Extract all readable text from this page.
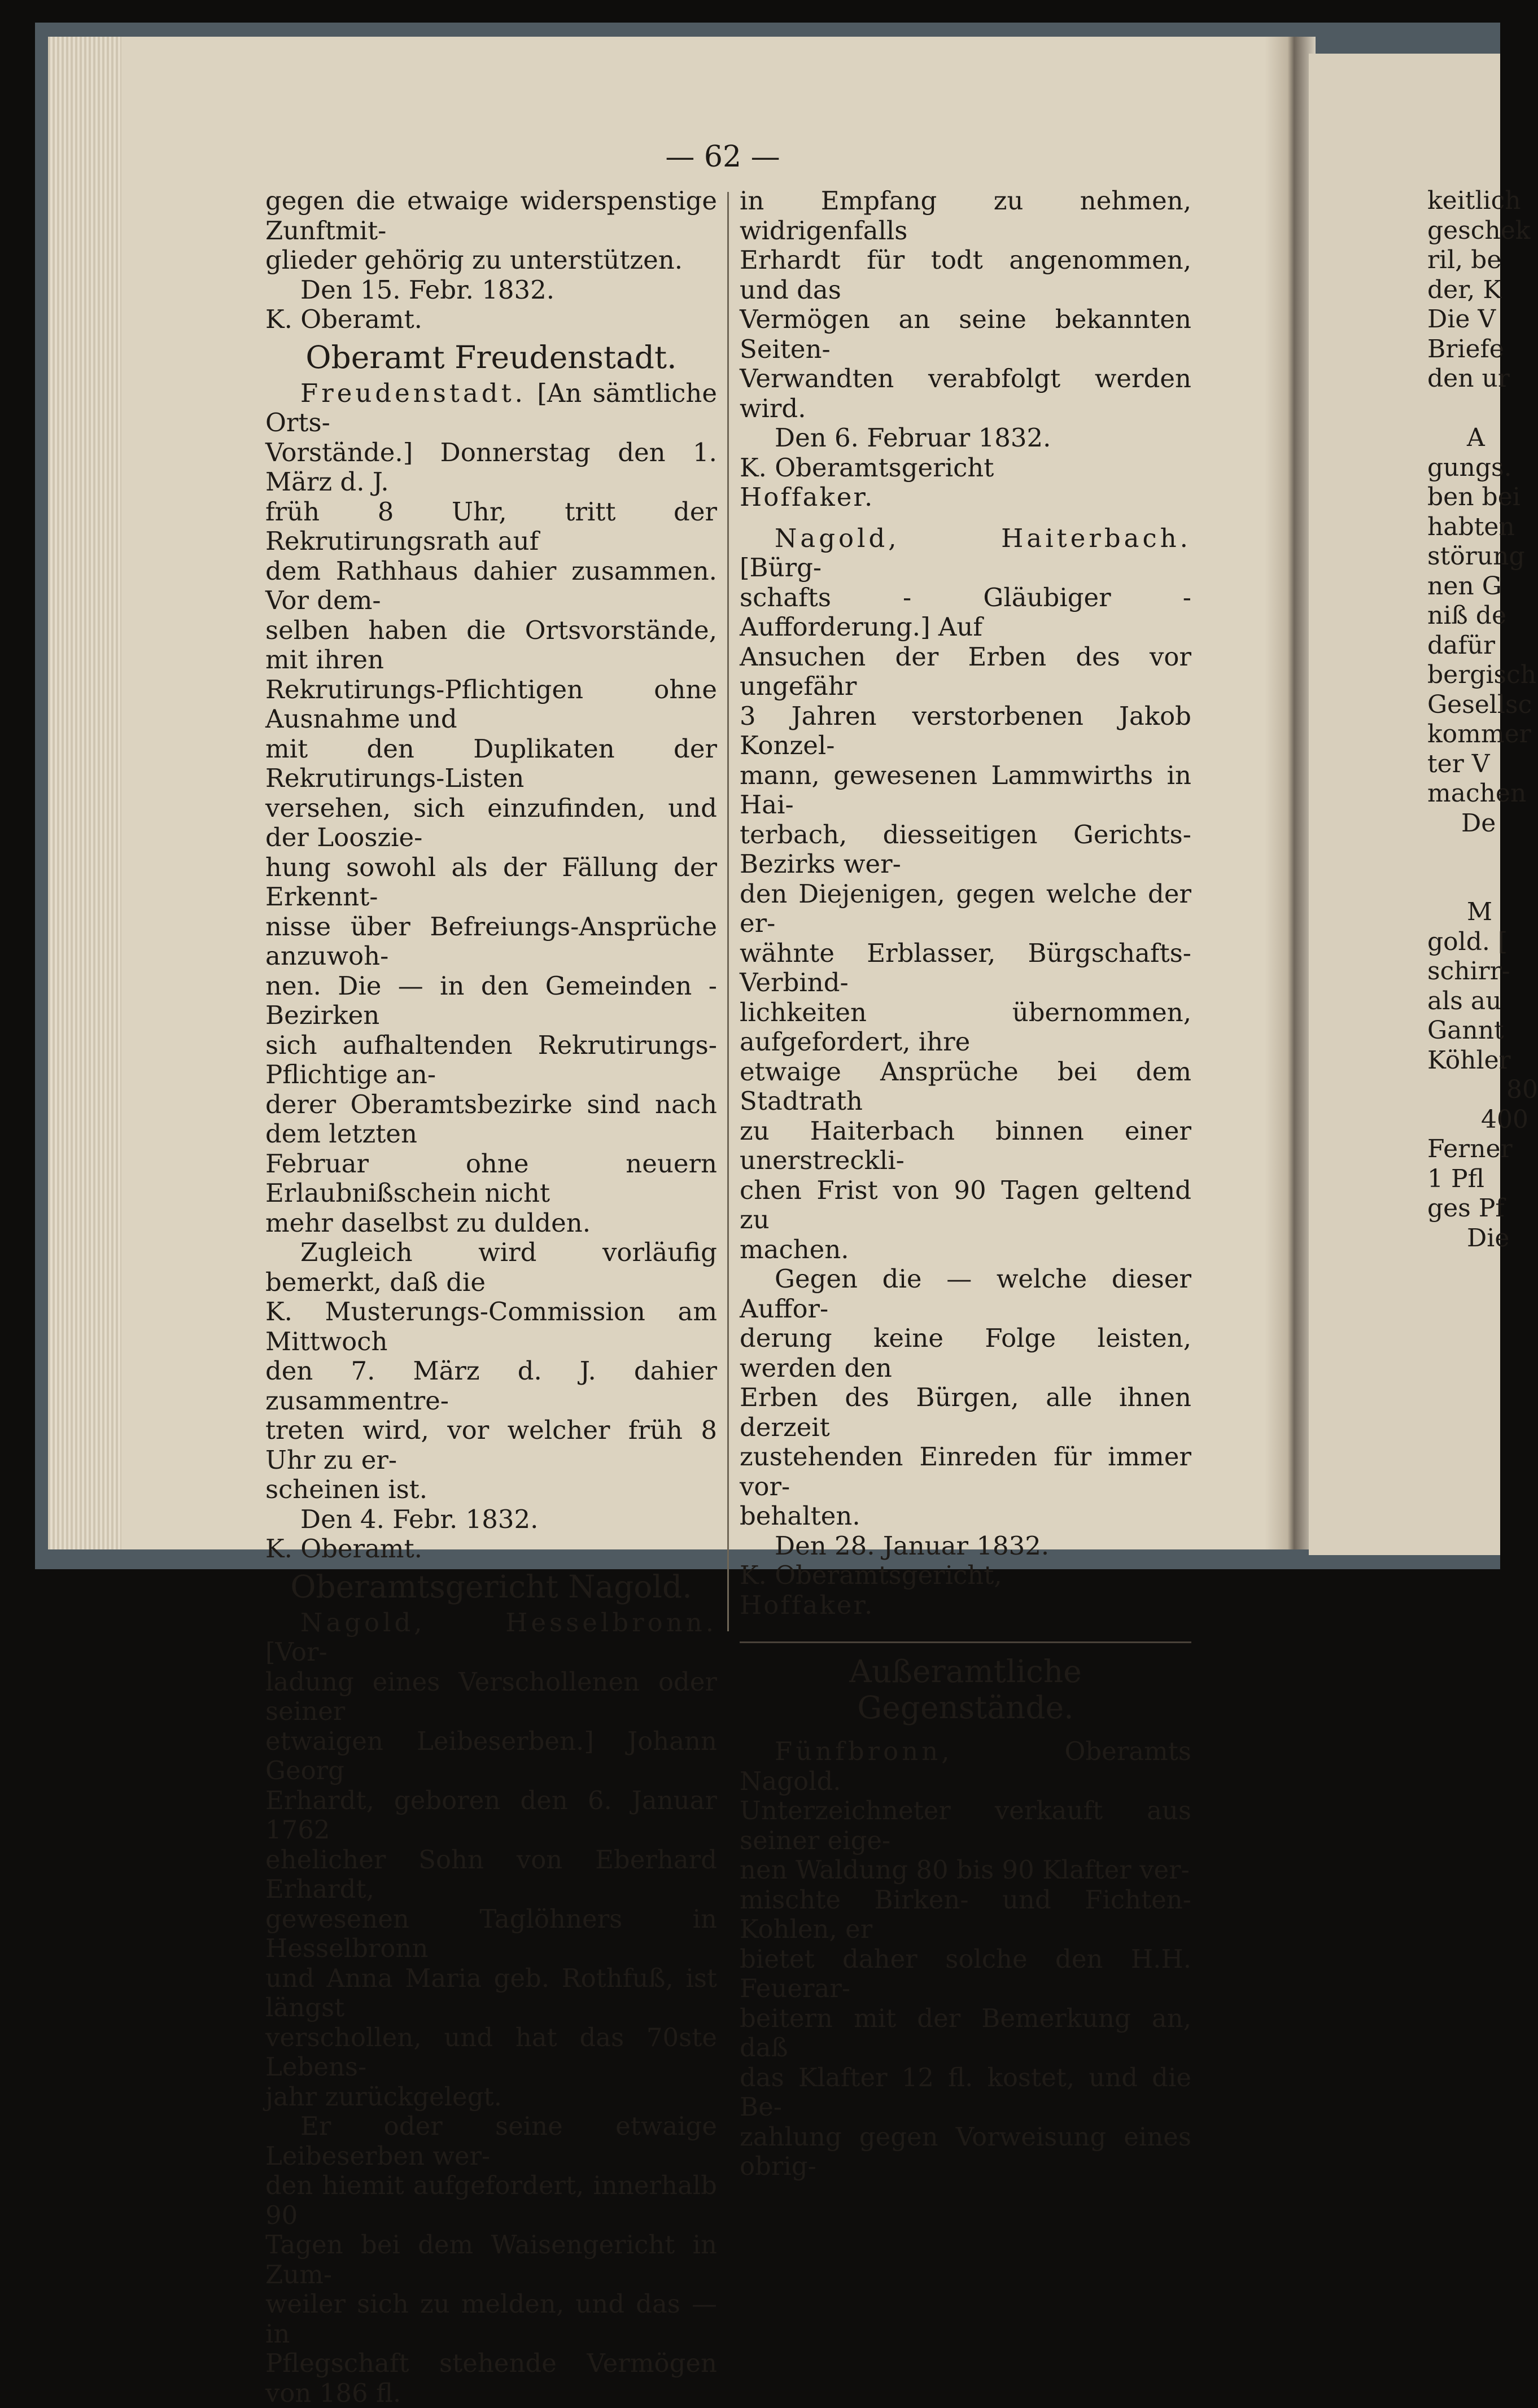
— 62 —

gegen die etwaige widerspenstige Zunftmit-

glieder gehörig zu unterstützen.

Den 15. Febr. 1832.

K. Oberamt.

Oberamt Freudenstadt.

Freudenstadt. [An sämtliche Orts-

Vorstände.] Donnerstag den 1. März d. J.

früh 8 Uhr, tritt der Rekrutirungsrath auf

dem Rathhaus dahier zusammen. Vor dem-

selben haben die Ortsvorstände, mit ihren

Rekrutirungs-Pflichtigen ohne Ausnahme und

mit den Duplikaten der Rekrutirungs-Listen

versehen, sich einzufinden, und der Looszie-

hung sowohl als der Fällung der Erkennt-

nisse über Befreiungs-Ansprüche anzuwoh-

nen. Die — in den Gemeinden - Bezirken

sich aufhaltenden Rekrutirungs-Pflichtige an-

derer Oberamtsbezirke sind nach dem letzten

Februar ohne neuern Erlaubnißschein nicht

mehr daselbst zu dulden.

Zugleich wird vorläufig bemerkt, daß die

K. Musterungs-Commission am Mittwoch

den 7. März d. J. dahier zusammentre-

treten wird, vor welcher früh 8 Uhr zu er-

scheinen ist.

Den 4. Febr. 1832.

K. Oberamt.

Oberamtsgericht Nagold.

Nagold, Hesselbronn. [Vor-

ladung eines Verschollenen oder seiner

etwaigen Leibeserben.] Johann Georg

Erhardt, geboren den 6. Januar 1762

ehelicher Sohn von Eberhard Erhardt,

gewesenen Taglöhners in Hesselbronn

und Anna Maria geb. Rothfuß, ist längst

verschollen, und hat das 70ste Lebens-

jahr zurückgelegt.

Er oder seine etwaige Leibeserben wer-

den hiemit aufgefordert, innerhalb 90

Tagen bei dem Waisengericht in Zum-

weiler sich zu melden, und das — in

Pflegschaft stehende Vermögen von 186 fl.

in Empfang zu nehmen, widrigenfalls

Erhardt für todt angenommen, und das

Vermögen an seine bekannten Seiten-

Verwandten verabfolgt werden wird.

Den 6. Februar 1832.

K. Oberamtsgericht

Hoffaker.

Nagold, Haiterbach. [Bürg-

schafts - Gläubiger - Aufforderung.] Auf

Ansuchen der Erben des vor ungefähr

3 Jahren verstorbenen Jakob Konzel-

mann, gewesenen Lammwirths in Hai-

terbach, diesseitigen Gerichts-Bezirks wer-

den Diejenigen, gegen welche der er-

wähnte Erblasser, Bürgschafts-Verbind-

lichkeiten übernommen, aufgefordert, ihre

etwaige Ansprüche bei dem Stadtrath

zu Haiterbach binnen einer unerstreckli-

chen Frist von 90 Tagen geltend zu

machen.

Gegen die — welche dieser Auffor-

derung keine Folge leisten, werden den

Erben des Bürgen, alle ihnen derzeit

zustehenden Einreden für immer vor-

behalten.

Den 28. Januar 1832.

K. Oberamtsgericht,

Hoffaker.

Außeramtliche Gegenstände.

Fünfbronn,	Oberamts Nagold.

Unterzeichneter verkauft aus seiner eige-

nen Waldung 80 bis 90 Klafter ver-

mischte Birken- und Fichten-Kohlen, er

bietet daher solche den H.H. Feuerar-

beitern mit der Bemerkung an, daß

das Klafter 12 fl. kostet, und die Be-

zahlung gegen Vorweisung eines obrig-

keitlich
geschek
ril, be
der, K
Die V
Briefe
den ur
A
gungs.
ben bei
habten
störung
nen G
niß de
dafür
bergisch
Gesellsc
kommer
ter V
machen
De
M
gold. [
schirr-
als au
Gannt
Köhler
80
400
Ferner
1 Pfl
ges Pf
Die
